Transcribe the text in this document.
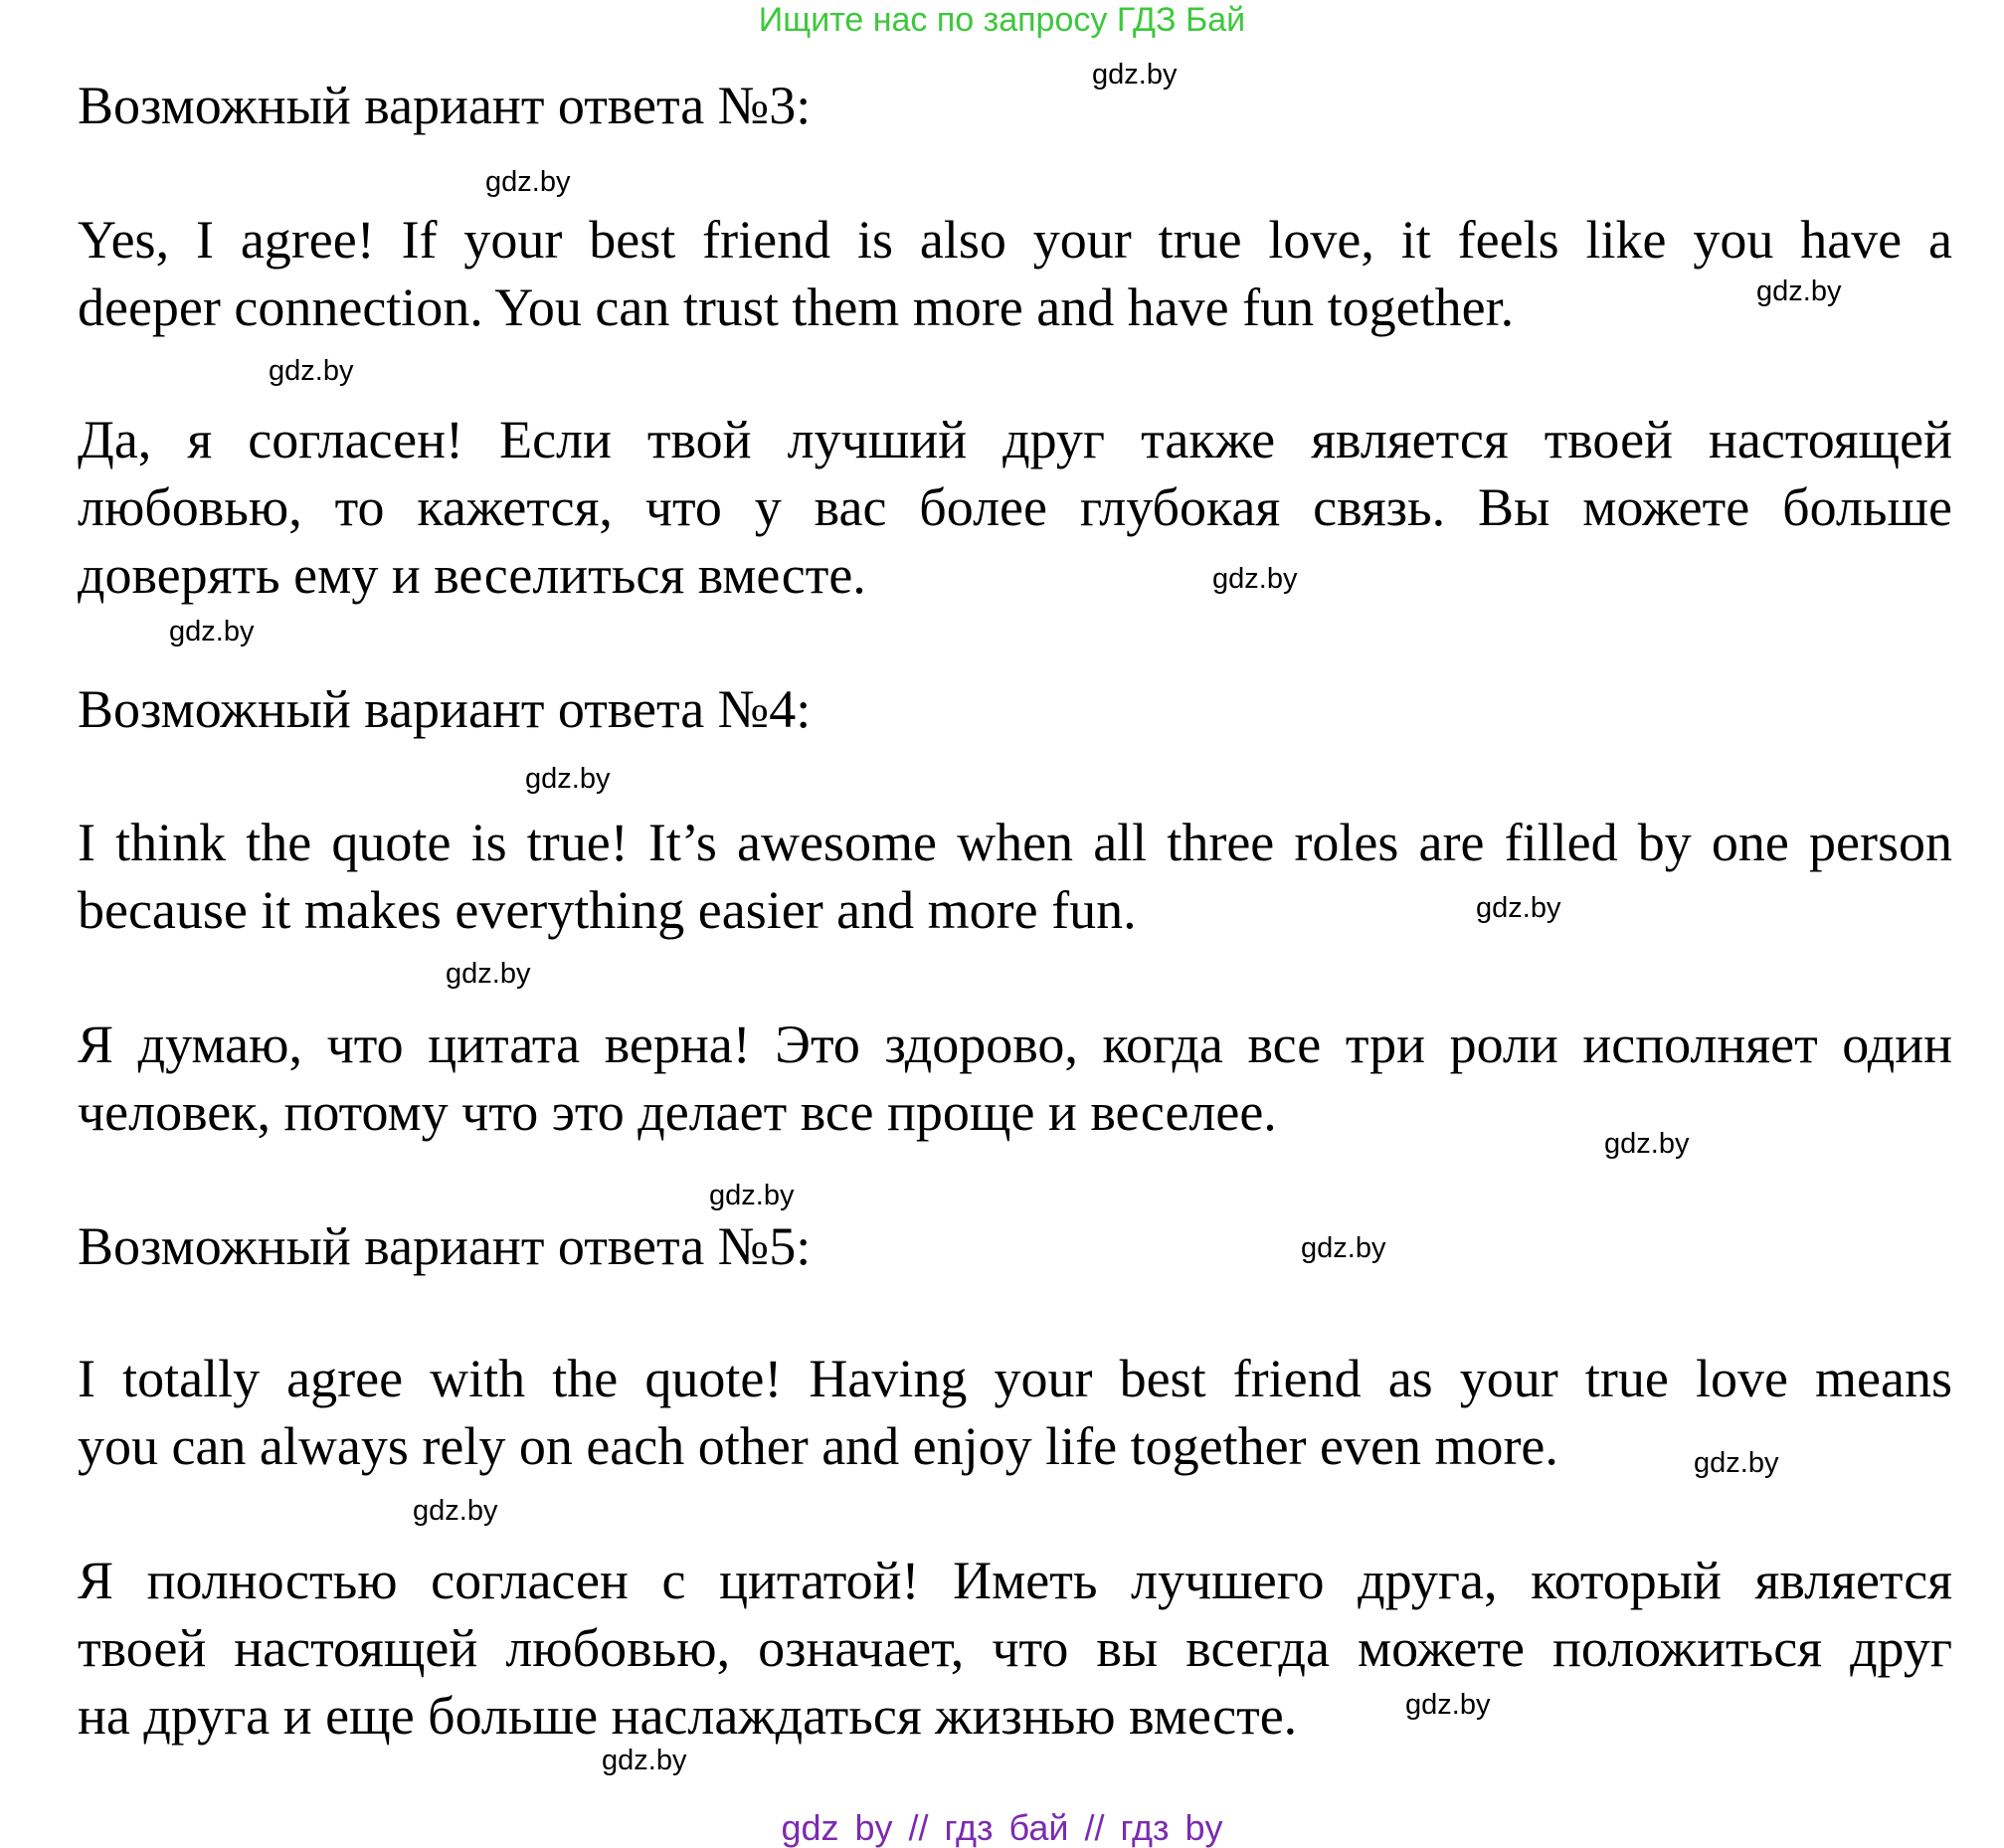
Ищите нас по запросу ГДЗ Бай
Возможный вариант ответа №3:
Yes, I agree! If your best friend is also your true love, it feels like you have a
deeper connection. You can trust them more and have fun together.
Да, я согласен! Если твой лучший друг также является твоей настоящей
любовью, то кажется, что у вас более глубокая связь. Вы можете больше
доверять ему и веселиться вместе.
Возможный вариант ответа №4:
I think the quote is true! It’s awesome when all three roles are filled by one person
because it makes everything easier and more fun.
Я думаю, что цитата верна! Это здорово, когда все три роли исполняет один
человек, потому что это делает все проще и веселее.
Возможный вариант ответа №5:
I totally agree with the quote! Having your best friend as your true love means
you can always rely on each other and enjoy life together even more.
Я полностью согласен с цитатой! Иметь лучшего друга, который является
твоей настоящей любовью, означает, что вы всегда можете положиться друг
на друга и еще больше наслаждаться жизнью вместе.
gdz.by
gdz.by
gdz.by
gdz.by
gdz.by
gdz.by
gdz.by
gdz.by
gdz.by
gdz.by
gdz.by
gdz.by
gdz.by
gdz.by
gdz.by
gdz.by
gdz by // гдз бай // гдз by
